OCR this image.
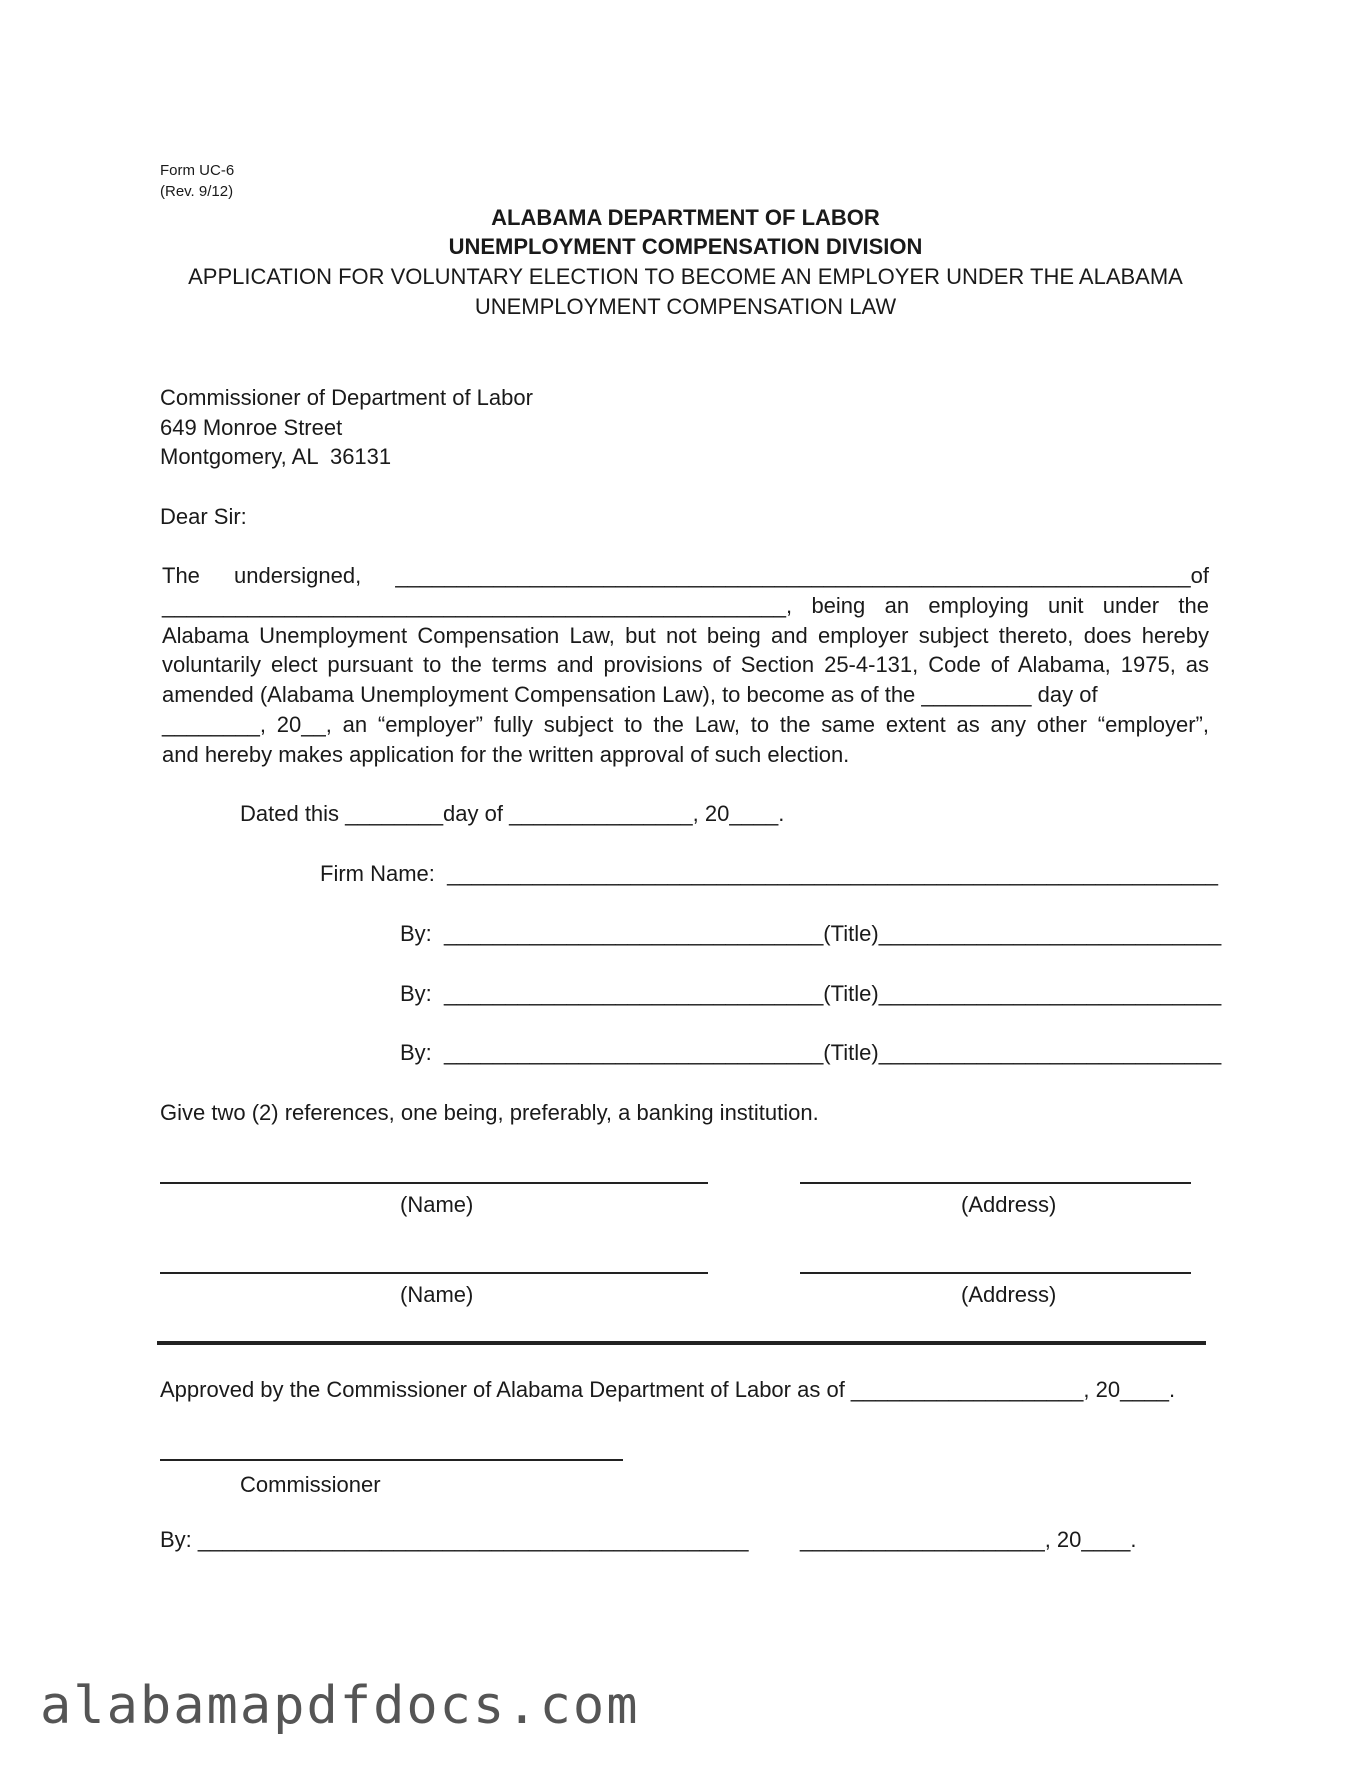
Form UC-6
(Rev. 9/12)
ALABAMA DEPARTMENT OF LABOR
UNEMPLOYMENT COMPENSATION DIVISION
APPLICATION FOR VOLUNTARY ELECTION TO BECOME AN EMPLOYER UNDER THE ALABAMA
UNEMPLOYMENT COMPENSATION LAW
Commissioner of Department of Labor
649 Monroe Street
Montgomery, AL  36131
Dear Sir:
The undersigned, _________________________________________________________________of
___________________________________________________, being an employing unit under the
Alabama Unemployment Compensation Law, but not being and employer subject thereto, does hereby
voluntarily elect pursuant to the terms and provisions of Section 25-4-131, Code of Alabama, 1975, as
amended (Alabama Unemployment Compensation Law), to become as of the _________ day of
________, 20__, an “employer” fully subject to the Law, to the same extent as any other “employer”,
and hereby makes application for the written approval of such election.
Dated this ________day of _______________, 20____.
Firm Name:  _______________________________________________________________
By:  _______________________________(Title)____________________________
By:  _______________________________(Title)____________________________
By:  _______________________________(Title)____________________________
Give two (2) references, one being, preferably, a banking institution.
(Name)	(Address)
(Name)	(Address)
Approved by the Commissioner of Alabama Department of Labor as of ___________________, 20____.
Commissioner
By: _____________________________________________ ____________________, 20____.
alabamapdfdocs.com
